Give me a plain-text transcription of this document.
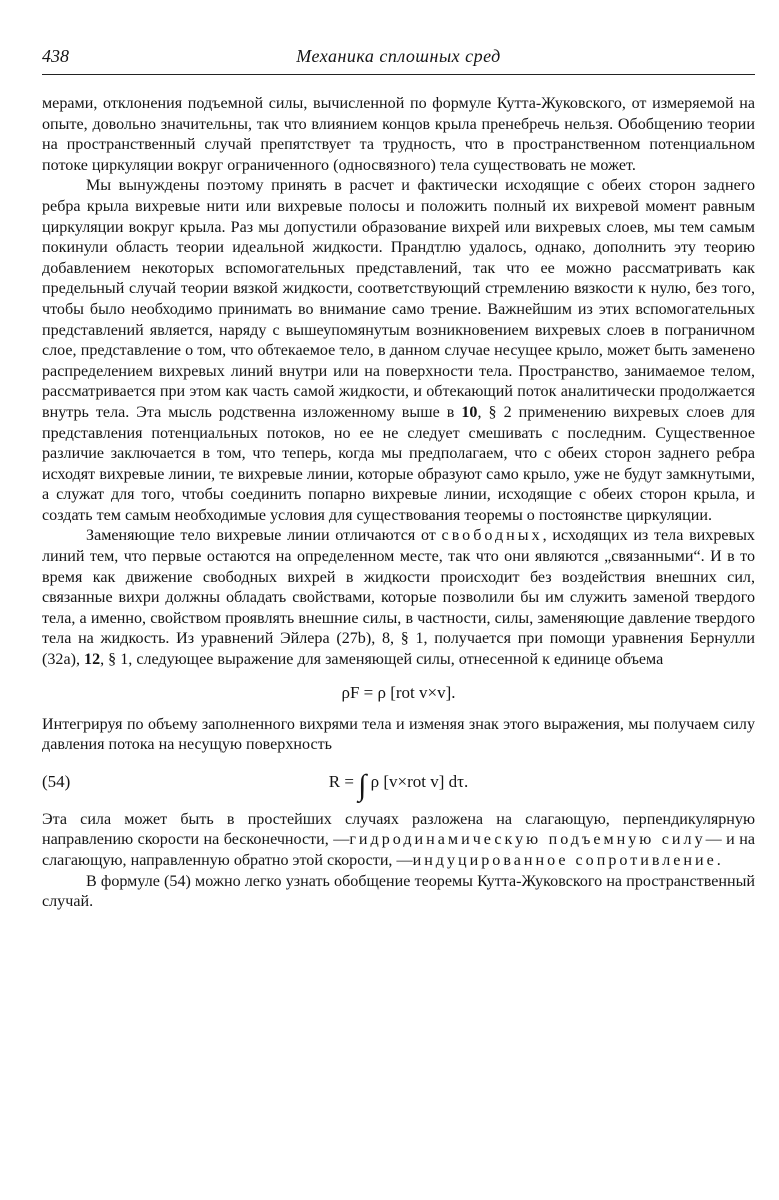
438	Механика сплошных сред

мерами, отклонения подъемной силы, вычисленной по формуле Кутта-Жуковского, от измеряемой на опыте, довольно значительны, так что влиянием концов крыла пренебречь нельзя. Обобщению теории на пространственный случай препятствует та трудность, что в пространственном потенциальном потоке циркуляции вокруг ограниченного (односвязного) тела существовать не может.

Мы вынуждены поэтому принять в расчет и фактически исходящие с обеих сторон заднего ребра крыла вихревые нити или вихревые полосы и положить полный их вихревой момент равным циркуляции вокруг крыла. Раз мы допустили образование вихрей или вихревых слоев, мы тем самым покинули область теории идеальной жидкости. Прандтлю удалось, однако, дополнить эту теорию добавлением некоторых вспомогательных представлений, так что ее можно рассматривать как предельный случай теории вязкой жидкости, соответствующий стремлению вязкости к нулю, без того, чтобы было необходимо принимать во внимание само трение. Важнейшим из этих вспомогательных представлений является, наряду с вышеупомянутым возникновением вихревых слоев в пограничном слое, представление о том, что обтекаемое тело, в данном случае несущее крыло, может быть заменено распределением вихревых линий внутри или на поверхности тела. Пространство, занимаемое телом, рассматривается при этом как часть самой жидкости, и обтекающий поток аналитически продолжается внутрь тела. Эта мысль родственна изложенному выше в 10, § 2 применению вихревых слоев для представления потенциальных потоков, но ее не следует смешивать с последним. Существенное различие заключается в том, что теперь, когда мы предполагаем, что с обеих сторон заднего ребра исходят вихревые линии, те вихревые линии, которые образуют само крыло, уже не будут замкнутыми, а служат для того, чтобы соединить попарно вихревые линии, исходящие с обеих сторон крыла, и создать тем самым необходимые условия для существования теоремы о постоянстве циркуляции.

Заменяющие тело вихревые линии отличаются от свободных, исходящих из тела вихревых линий тем, что первые остаются на определенном месте, так что они являются „связанными“. И в то время как движение свободных вихрей в жидкости происходит без воздействия внешних сил, связанные вихри должны обладать свойствами, которые позволили бы им служить заменой твердого тела, а именно, свойством проявлять внешние силы, в частности, силы, заменяющие давление твердого тела на жидкость. Из уравнений Эйлера (27b), 8, § 1, получается при помощи уравнения Бернулли (32a), 12, § 1, следующее выражение для заменяющей силы, отнесенной к единице объема

ρF = ρ [rot v×v].

Интегрируя по объему заполненного вихрями тела и изменяя знак этого выражения, мы получаем силу давления потока на несущую поверхность

(54)	R = ∫ ρ [v×rot v] dτ.

Эта сила может быть в простейших случаях разложена на слагающую, перпендикулярную направлению скорости на бесконечности, —гидродинамическую подъемную силу— и на слагающую, направленную обратно этой скорости, —индуцированное сопротивление.

В формуле (54) можно легко узнать обобщение теоремы Кутта-Жуковского на пространственный случай.
